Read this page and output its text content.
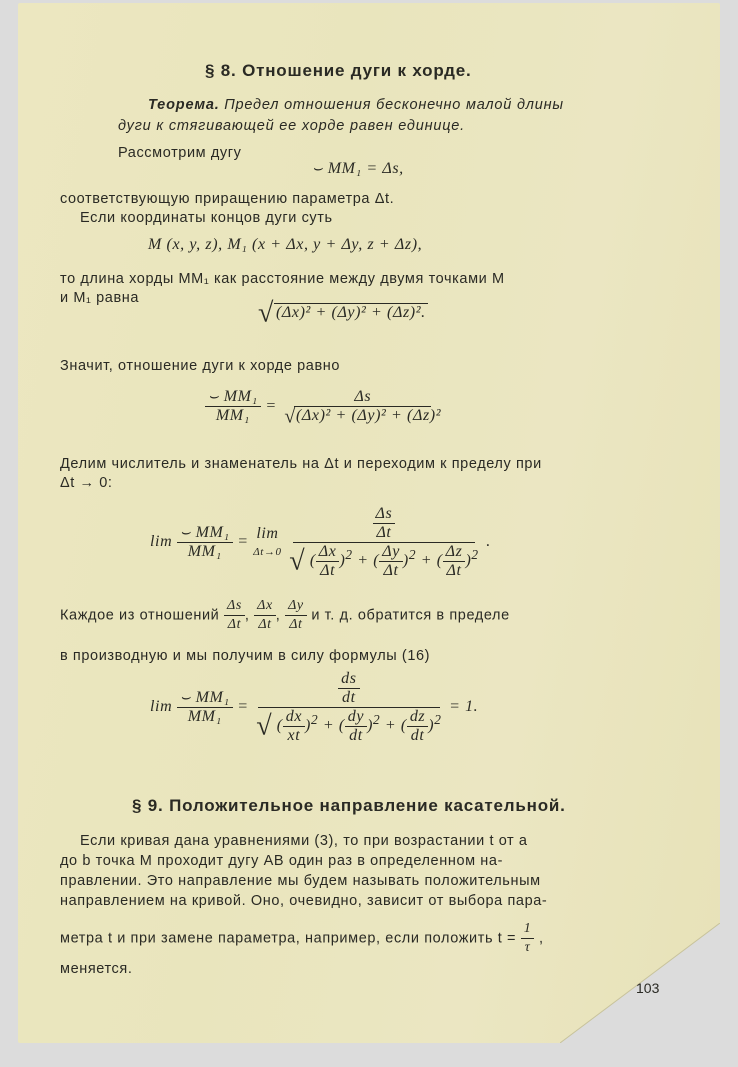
§ 8. Отношение дуги к хорде.
Теорема. Предел отношения бесконечно малой длины
дуги к стягивающей ее хорде равен единице.
Рассмотрим дугу
⌣ MM₁ = Δs,
соответствующую приращению параметра Δt.
Если координаты концов дуги суть
M (x, y, z), M₁ (x + Δx, y + Δy, z + Δz),
то длина хорды MM₁ как расстояние между двумя точками M
и M₁ равна	√ (Δx)² + (Δy)² + (Δz)².
Значит, отношение дуги к хорде равно
$\frac{\text{⌣ MM₁}}{\text{MM₁}} = \frac{\Delta s}{\text{√(Δx)² + (Δy)² + (Δz)²}}$
Делим числитель и знаменатель на Δt и переходим к пределу при
Δt → 0:
$\lim \frac{\text{⌣ MM₁}}{\text{MM₁}}$ =
lim
Δt→0
$\frac{\frac{\Delta s}{\Delta t}}{√ ( \frac{\Delta x}{\Delta t} )^2 + ( \frac{\Delta y}{\Delta t} )^2 + ( \frac{\Delta z}{\Delta t} )^2}$ .
Каждое из отношений $\frac{\Delta s}{\Delta t}$ , $\frac{\Delta x}{\Delta t}$ , $\frac{\Delta y}{\Delta t}$ и т. д. обратится в пределе
в производную и мы получим в силу формулы (16)
$\lim \frac{\text{⌣ MM₁}}{\text{MM₁}} = \frac{\frac{ds}{dt}}{√ ( \frac{dx}{xt} )^2 + ( \frac{dy}{dt} )^2 + ( \frac{dz}{dt} )^2} = 1$.
§ 9. Положительное направление касательной.
Если кривая дана уравнениями (3), то при возрастании t от a
до b точка M проходит дугу AB один раз в определенном на-
правлении. Это направление мы будем называть положительным
направлением на кривой. Оно, очевидно, зависит от выбора пара-
метра t и при замене параметра, например, если положить $t = \frac{1}{\tau}$ ,
меняется.
103
